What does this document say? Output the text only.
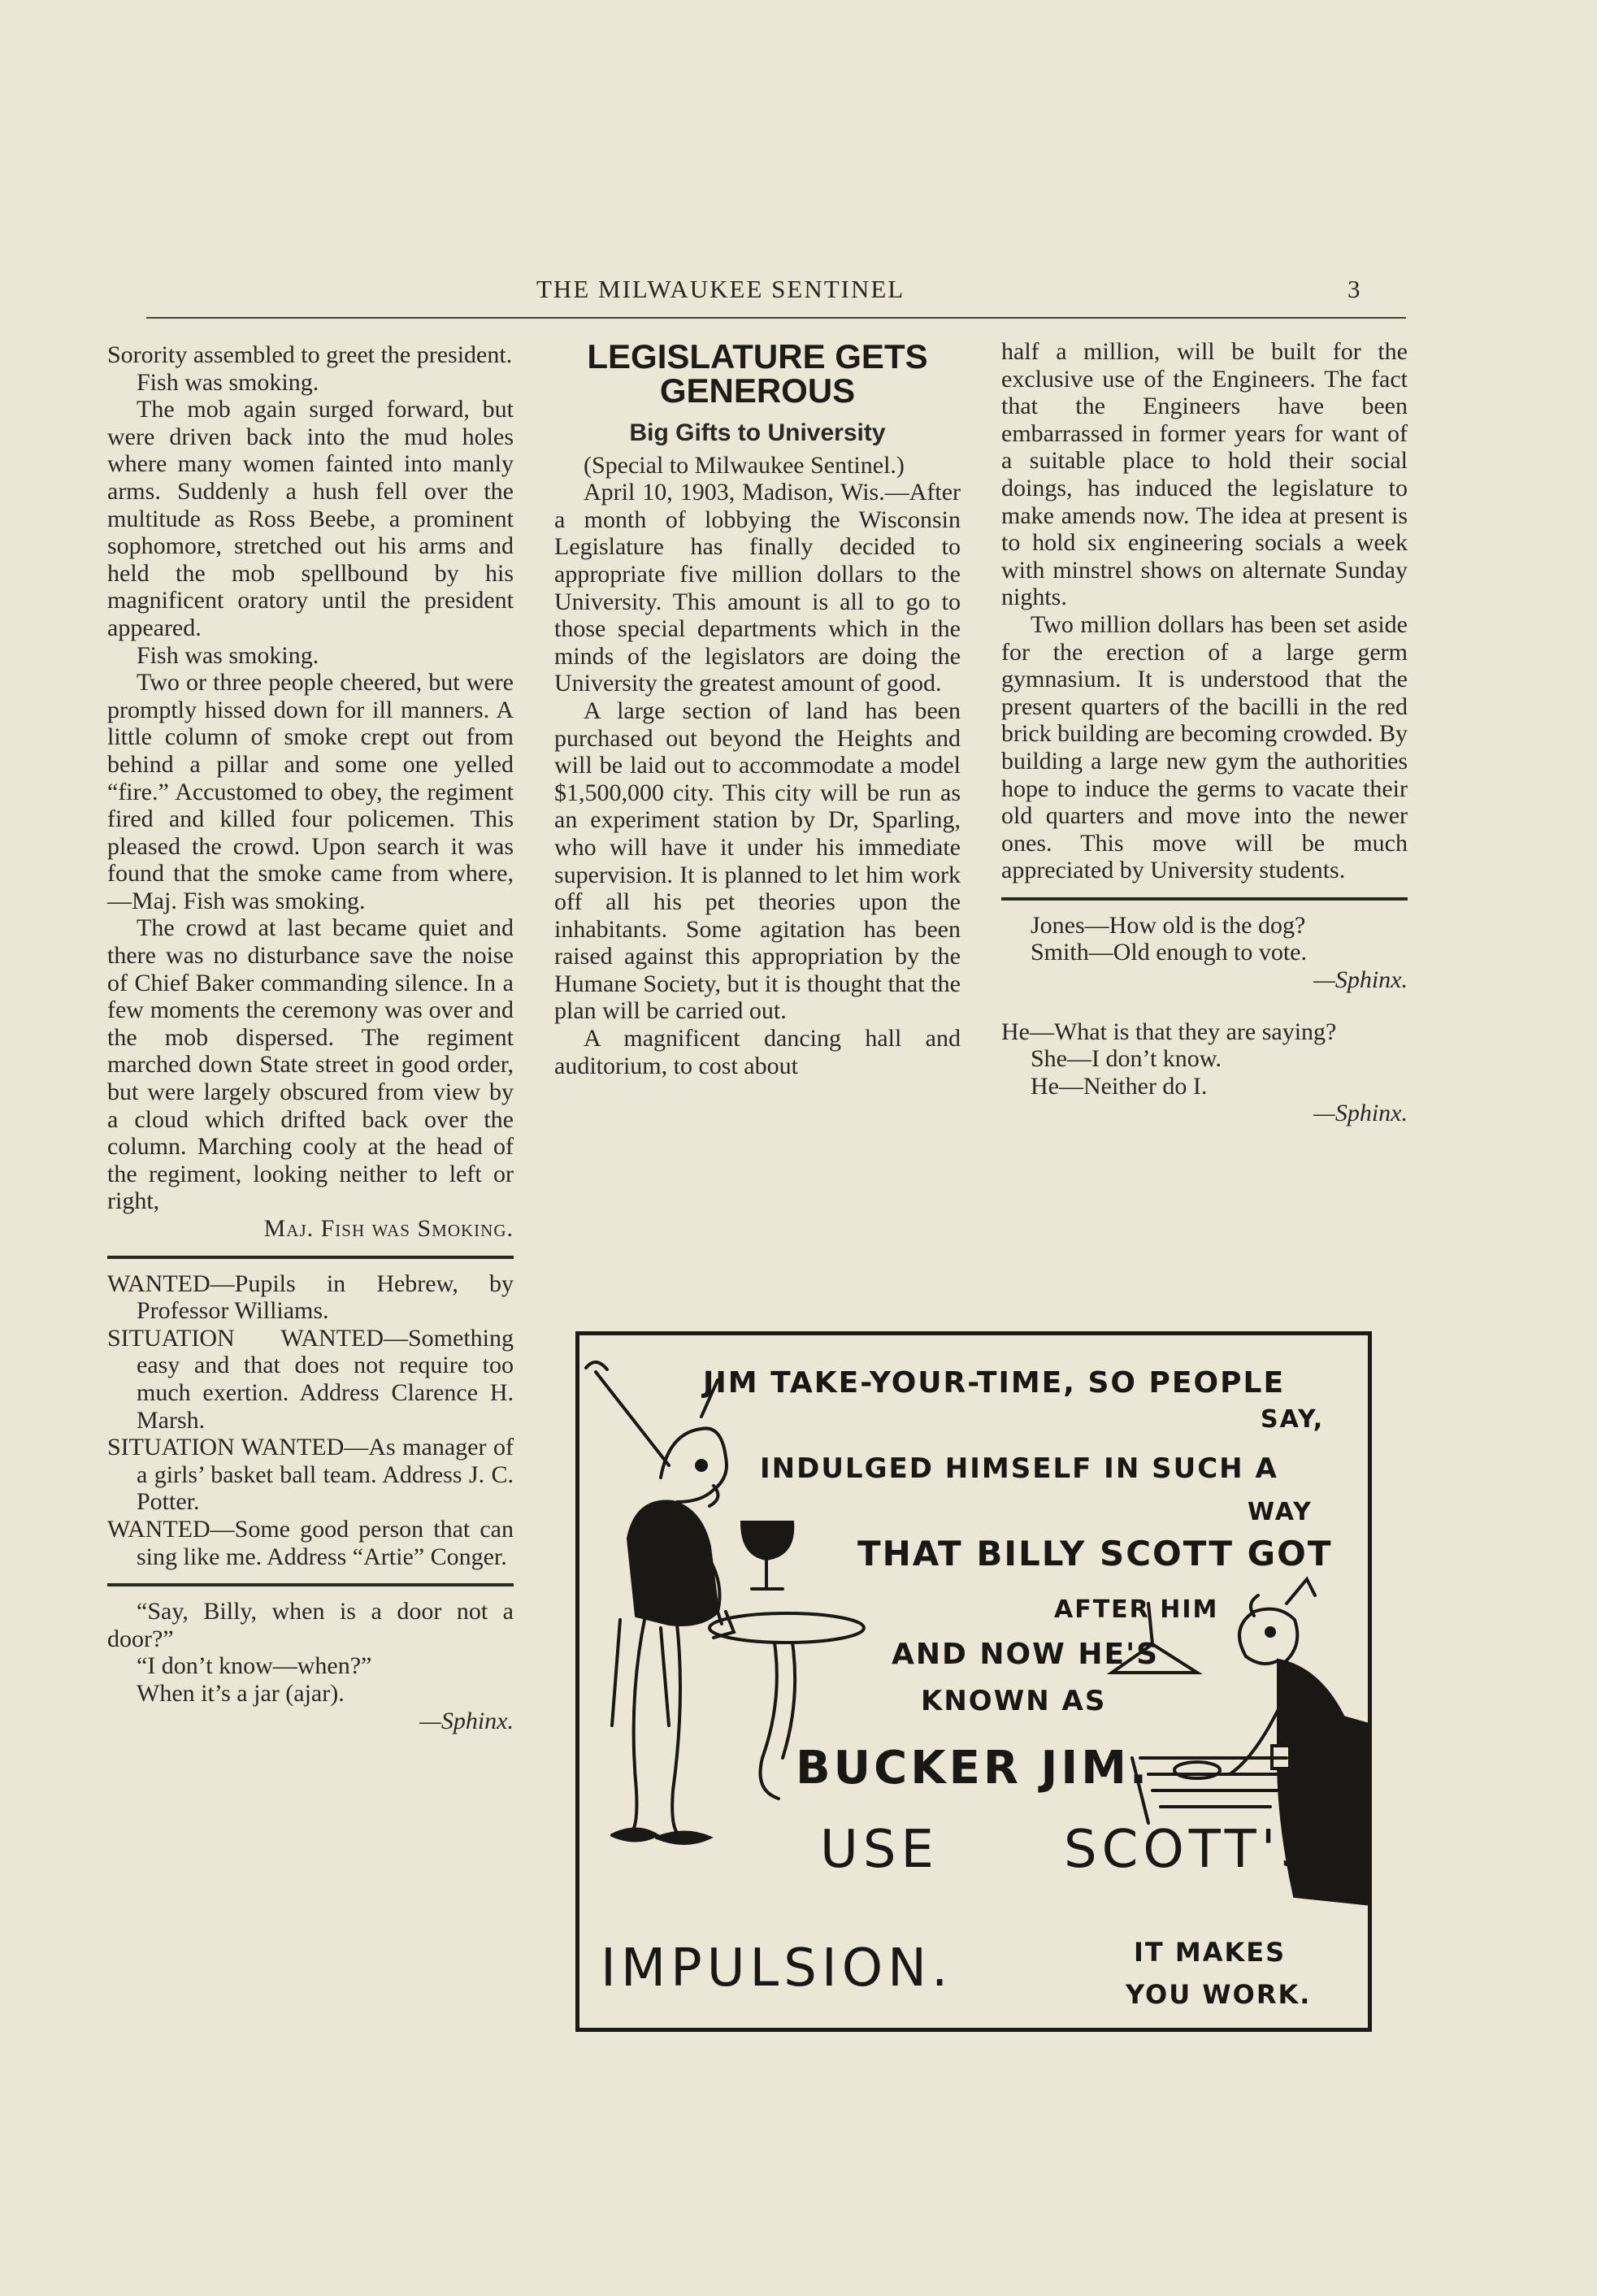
THE MILWAUKEE SENTINEL	3

Sorority assembled to greet the president.

Fish was smoking.

The mob again surged forward, but were driven back into the mud holes where many women fainted into manly arms. Suddenly a hush fell over the multitude as Ross Beebe, a prominent sophomore, stretched out his arms and held the mob spellbound by his magnificent oratory until the president appeared.

Fish was smoking.

Two or three people cheered, but were promptly hissed down for ill manners. A little column of smoke crept out from behind a pillar and some one yelled “fire.” Accustomed to obey, the regiment fired and killed four policemen. This pleased the crowd. Upon search it was found that the smoke came from where,—Maj. Fish was smoking.

The crowd at last became quiet and there was no disturbance save the noise of Chief Baker commanding silence. In a few moments the ceremony was over and the mob dispersed. The regiment marched down State street in good order, but were largely obscured from view by a cloud which drifted back over the column. Marching cooly at the head of the regiment, looking neither to left or right,

Maj. Fish was Smoking.

WANTED—Pupils in Hebrew, by Professor Williams.

SITUATION WANTED—Something easy and that does not require too much exertion. Address Clarence H. Marsh.

SITUATION WANTED—As manager of a girls’ basket ball team. Address J. C. Potter.

WANTED—Some good person that can sing like me. Address “Artie” Conger.

“Say, Billy, when is a door not a door?”

“I don’t know—when?”

When it’s a jar (ajar).

—Sphinx.

LEGISLATURE GETS GENEROUS
Big Gifts to University

(Special to Milwaukee Sentinel.)

April 10, 1903, Madison, Wis.—After a month of lobbying the Wisconsin Legislature has finally decided to appropriate five million dollars to the University. This amount is all to go to those special departments which in the minds of the legislators are doing the University the greatest amount of good.

A large section of land has been purchased out beyond the Heights and will be laid out to accommodate a model $1,500,000 city. This city will be run as an experiment station by Dr, Sparling, who will have it under his immediate supervision. It is planned to let him work off all his pet theories upon the inhabitants. Some agitation has been raised against this appropriation by the Humane Society, but it is thought that the plan will be carried out.

A magnificent dancing hall and auditorium, to cost about

half a million, will be built for the exclusive use of the Engineers. The fact that the Engineers have been embarrassed in former years for want of a suitable place to hold their social doings, has induced the legislature to make amends now. The idea at present is to hold six engineering socials a week with minstrel shows on alternate Sunday nights.

Two million dollars has been set aside for the erection of a large germ gymnasium. It is understood that the present quarters of the bacilli in the red brick building are becoming crowded. By building a large new gym the authorities hope to induce the germs to vacate their old quarters and move into the newer ones. This move will be much appreciated by University students.

Jones—How old is the dog?

Smith—Old enough to vote.

—Sphinx.

He—What is that they are saying?

She—I don’t know.

He—Neither do I.

—Sphinx.

JIM TAKE-YOUR-TIME, SO PEOPLE
SAY,
INDULGED HIMSELF IN SUCH A
WAY
THAT BILLY SCOTT GOT
AFTER HIM
AND NOW HE'S
KNOWN AS
BUCKER JIM.
USE SCOTT'S
IMPULSION.	IT MAKES
YOU WORK.
